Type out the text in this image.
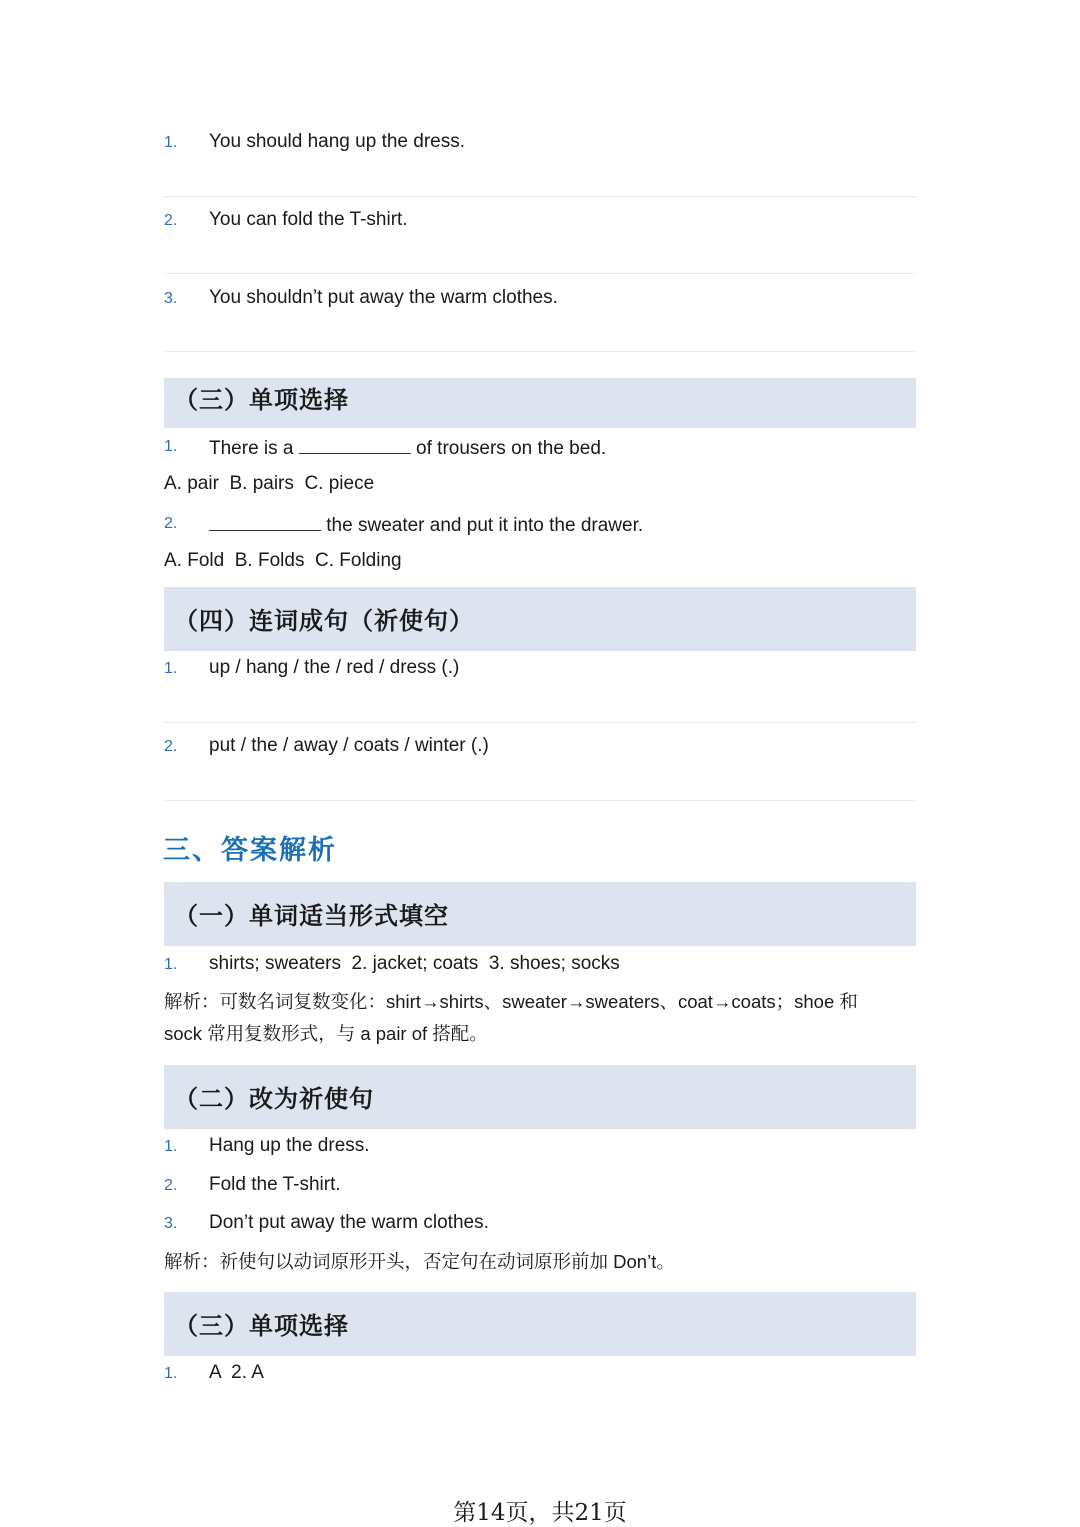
1. You should hang up the dress.
2. You can fold the T-shirt.
3. You shouldn’t put away the warm clothes.
（三）单项选择
1. There is a	of trousers on the bed.
A. pair  B. pairs  C. piece
2.	the sweater and put it into the drawer.
A. Fold  B. Folds  C. Folding
（四）连词成句（祈使句）
1. up / hang / the / red / dress (.)
2. put / the / away / coats / winter (.)
三、答案解析
（一）单词适当形式填空
1. shirts; sweaters  2. jacket; coats  3. shoes; socks
解析：可数名词复数变化：shirt→shirts、sweater→sweaters、coat→coats；shoe 和
sock 常用复数形式，与 a pair of 搭配。
（二）改为祈使句
1. Hang up the dress.
2. Fold the T-shirt.
3. Don’t put away the warm clothes.
解析：祈使句以动词原形开头，否定句在动词原形前加 Don’t。
（三）单项选择
1. A  2. A
第14页，共21页
